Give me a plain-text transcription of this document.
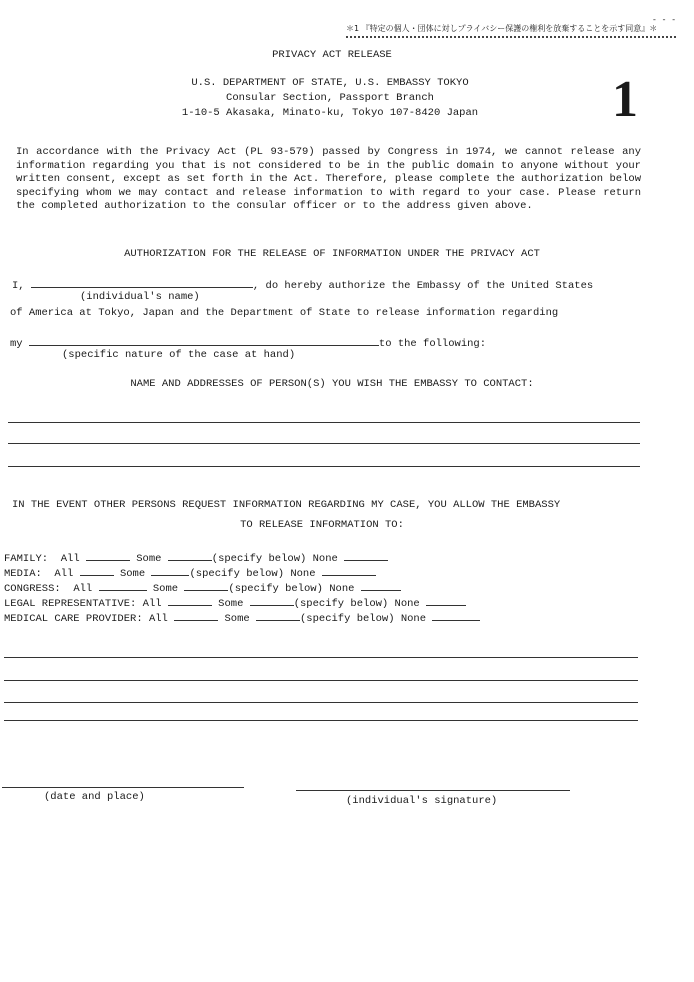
＊1 『特定の個人・団体に対しプライバシー保護の権利を放棄することを示す同意』＊
- - -
1
PRIVACY ACT RELEASE
U.S. DEPARTMENT OF STATE, U.S. EMBASSY TOKYO
Consular Section, Passport Branch
1-10-5 Akasaka, Minato-ku, Tokyo 107-8420 Japan
In accordance with the Privacy Act (PL 93-579) passed by Congress in 1974, we cannot release any information regarding you that is not considered to be in the public domain to anyone without your written consent, except as set forth in the Act. Therefore, please complete the authorization below specifying whom we may contact and release information to with regard to your case. Please return the completed authorization to the consular officer or to the address given above.
AUTHORIZATION FOR THE RELEASE OF INFORMATION UNDER THE PRIVACY ACT
I,	, do hereby authorize the Embassy of the United States
(individual's name)
of America at Tokyo, Japan and the Department of State to release information regarding
my	to the following:
(specific nature of the case at hand)
NAME AND ADDRESSES OF PERSON(S) YOU WISH THE EMBASSY TO CONTACT:
IN THE EVENT OTHER PERSONS REQUEST INFORMATION REGARDING MY CASE, YOU ALLOW THE EMBASSY
TO RELEASE INFORMATION TO:
FAMILY: All	Some	(specify below) None
MEDIA: All	Some	(specify below) None
CONGRESS: All	Some	(specify below) None
LEGAL REPRESENTATIVE: All	Some	(specify below) None
MEDICAL CARE PROVIDER: All	Some	(specify below) None
(date and place)	(individual's signature)
